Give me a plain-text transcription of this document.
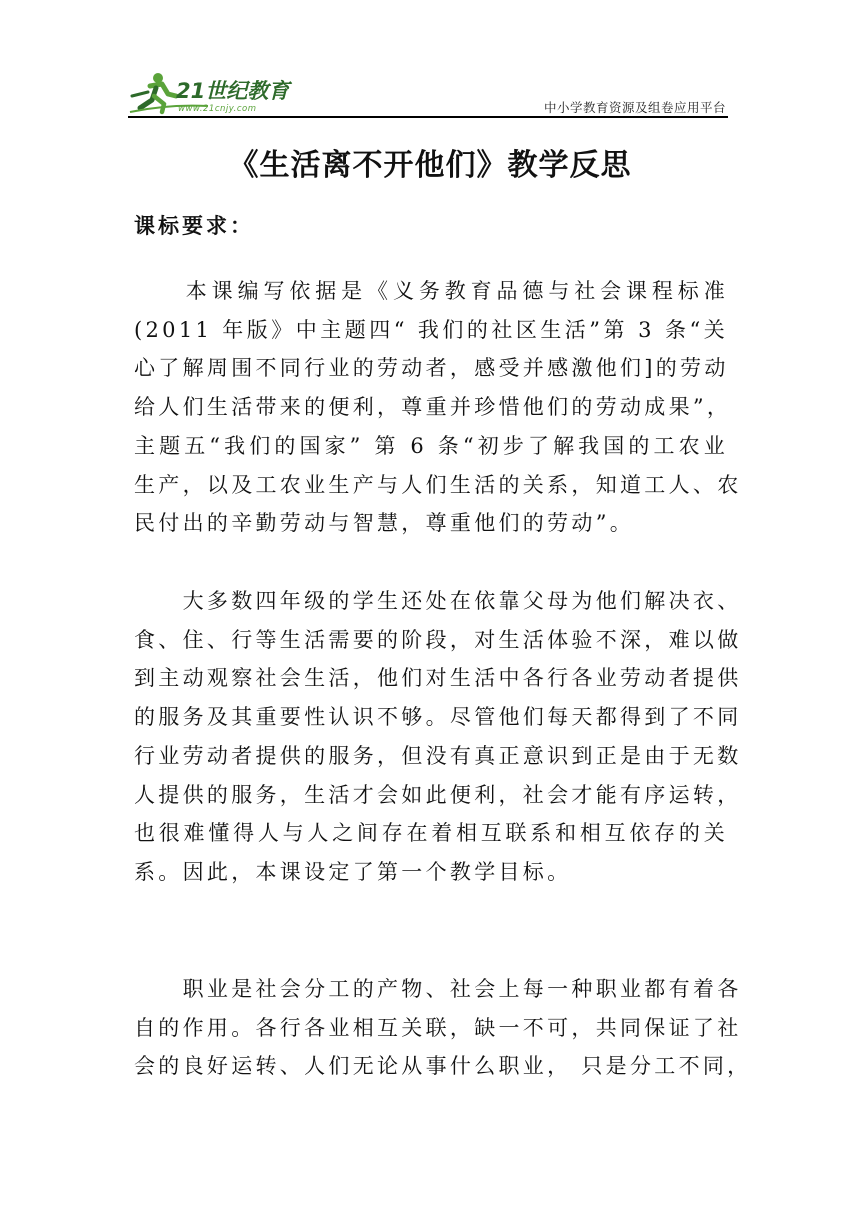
21世纪教育
www.21cnjy.com	中小学教育资源及组卷应用平台
《生活离不开他们》教学反思
课标要求：
　　本课编写依据是《义务教育品德与社会课程标准
(2011 年版》中主题四“ 我们的社区生活”第 3 条“关
心了解周围不同行业的劳动者，感受并感激他们]的劳动
给人们生活带来的便利，尊重并珍惜他们的劳动成果”，
主题五“我们的国家” 第 6 条“初步了解我国的工农业
生产，以及工农业生产与人们生活的关系，知道工人、农
民付出的辛勤劳动与智慧，尊重他们的劳动”。
　　大多数四年级的学生还处在依靠父母为他们解决衣、
食、住、行等生活需要的阶段，对生活体验不深，难以做
到主动观察社会生活，他们对生活中各行各业劳动者提供
的服务及其重要性认识不够。尽管他们每天都得到了不同
行业劳动者提供的服务，但没有真正意识到正是由于无数
人提供的服务，生活才会如此便利，社会才能有序运转，
也很难懂得人与人之间存在着相互联系和相互依存的关
系。因此，本课设定了第一个教学目标。
　　职业是社会分工的产物、社会上每一种职业都有着各
自的作用。各行各业相互关联，缺一不可，共同保证了社
会的良好运转、人们无论从事什么职业， 只是分工不同，
